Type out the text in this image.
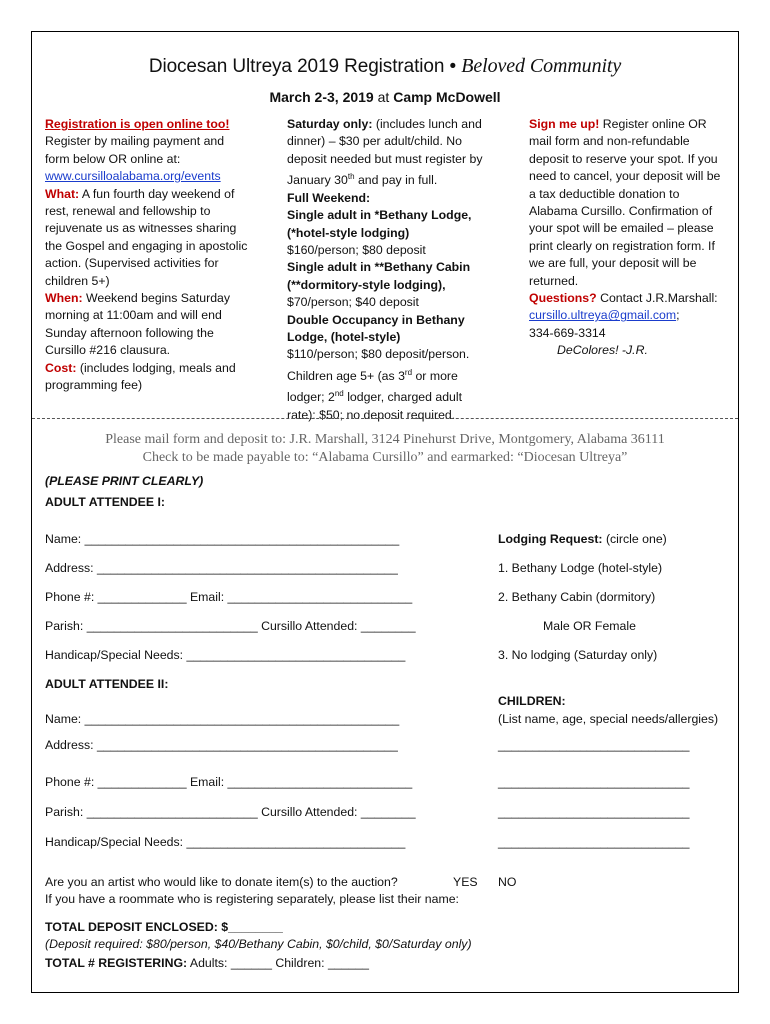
Diocesan Ultreya 2019 Registration • Beloved Community
March 2-3, 2019 at Camp McDowell
Registration is open online too!
Register by mailing payment and form below OR online at:
www.cursilloalabama.org/events
What: A fun fourth day weekend of rest, renewal and fellowship to rejuvenate us as witnesses sharing the Gospel and engaging in apostolic action. (Supervised activities for children 5+)
When: Weekend begins Saturday morning at 11:00am and will end Sunday afternoon following the Cursillo #216 clausura.
Cost: (includes lodging, meals and programming fee)
Saturday only: (includes lunch and dinner) – $30 per adult/child. No deposit needed but must register by January 30th and pay in full.
Full Weekend:
Single adult in *Bethany Lodge, (*hotel-style lodging)
$160/person; $80 deposit
Single adult in **Bethany Cabin (**dormitory-style lodging),
$70/person; $40 deposit
Double Occupancy in Bethany Lodge, (hotel-style)
$110/person; $80 deposit/person.
Children age 5+ (as 3rd or more lodger; 2nd lodger, charged adult rate): $50; no deposit required.
Sign me up! Register online OR mail form and non-refundable deposit to reserve your spot. If you need to cancel, your deposit will be a tax deductible donation to Alabama Cursillo. Confirmation of your spot will be emailed – please print clearly on registration form. If we are full, your deposit will be returned.
Questions? Contact J.R.Marshall:
cursillo.ultreya@gmail.com;
334-669-3314
DeColores! -J.R.
Please mail form and deposit to: J.R. Marshall, 3124 Pinehurst Drive, Montgomery, Alabama 36111
Check to be made payable to: “Alabama Cursillo” and earmarked: “Diocesan Ultreya”
(PLEASE PRINT CLEARLY)
ADULT ATTENDEE I:
Name: ______________________________________________
Address: ____________________________________________
Phone #: _____________ Email: ___________________________
Parish: _________________________ Cursillo Attended: ________
Handicap/Special Needs: ________________________________
Lodging Request: (circle one)
1. Bethany Lodge (hotel-style)
2. Bethany Cabin (dormitory)
Male OR Female
3. No lodging (Saturday only)
ADULT ATTENDEE II:
Name: ______________________________________________
Address: ____________________________________________
Phone #: _____________ Email: ___________________________
Parish: _________________________ Cursillo Attended: ________
Handicap/Special Needs: ________________________________
CHILDREN:
(List name, age, special needs/allergies)
____________________________
____________________________
____________________________
____________________________
Are you an artist who would like to donate item(s) to the auction?	YES NO
If you have a roommate who is registering separately, please list their name:
TOTAL DEPOSIT ENCLOSED: $________
(Deposit required: $80/person, $40/Bethany Cabin, $0/child, $0/Saturday only)
TOTAL # REGISTERING: Adults: ______ Children: ______
